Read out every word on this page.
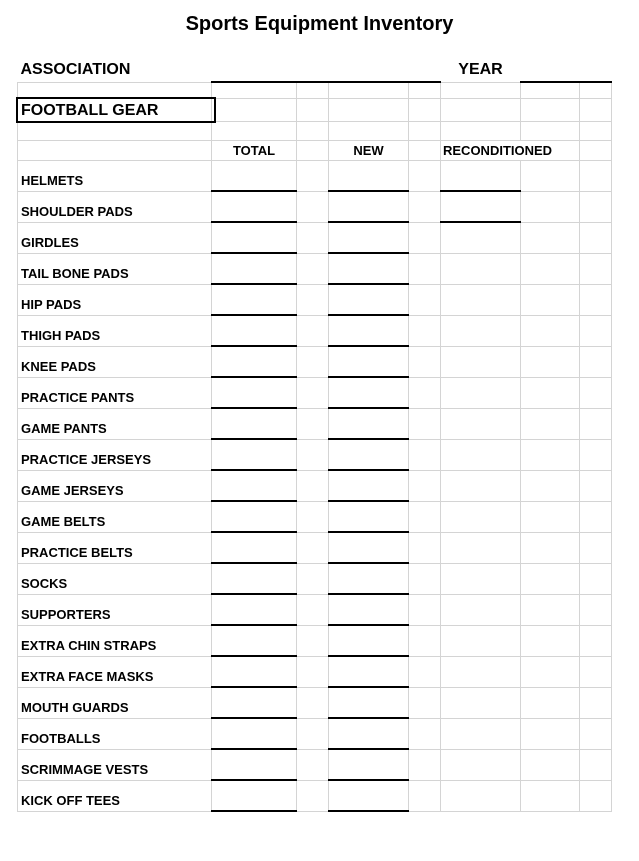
Sports Equipment Inventory
ASSOCIATION					YEAR		

	TOTAL		NEW		RECONDITIONED		
HELMETS							
SHOULDER PADS							
GIRDLES							
TAIL BONE PADS							
HIP PADS							
THIGH PADS							
KNEE PADS							
PRACTICE PANTS							
GAME PANTS							
PRACTICE JERSEYS							
GAME JERSEYS							
GAME BELTS							
PRACTICE BELTS							
SOCKS							
SUPPORTERS							
EXTRA CHIN STRAPS							
EXTRA FACE MASKS							
MOUTH GUARDS							
FOOTBALLS							
SCRIMMAGE VESTS							
KICK OFF TEES							
FOOTBALL GEAR
